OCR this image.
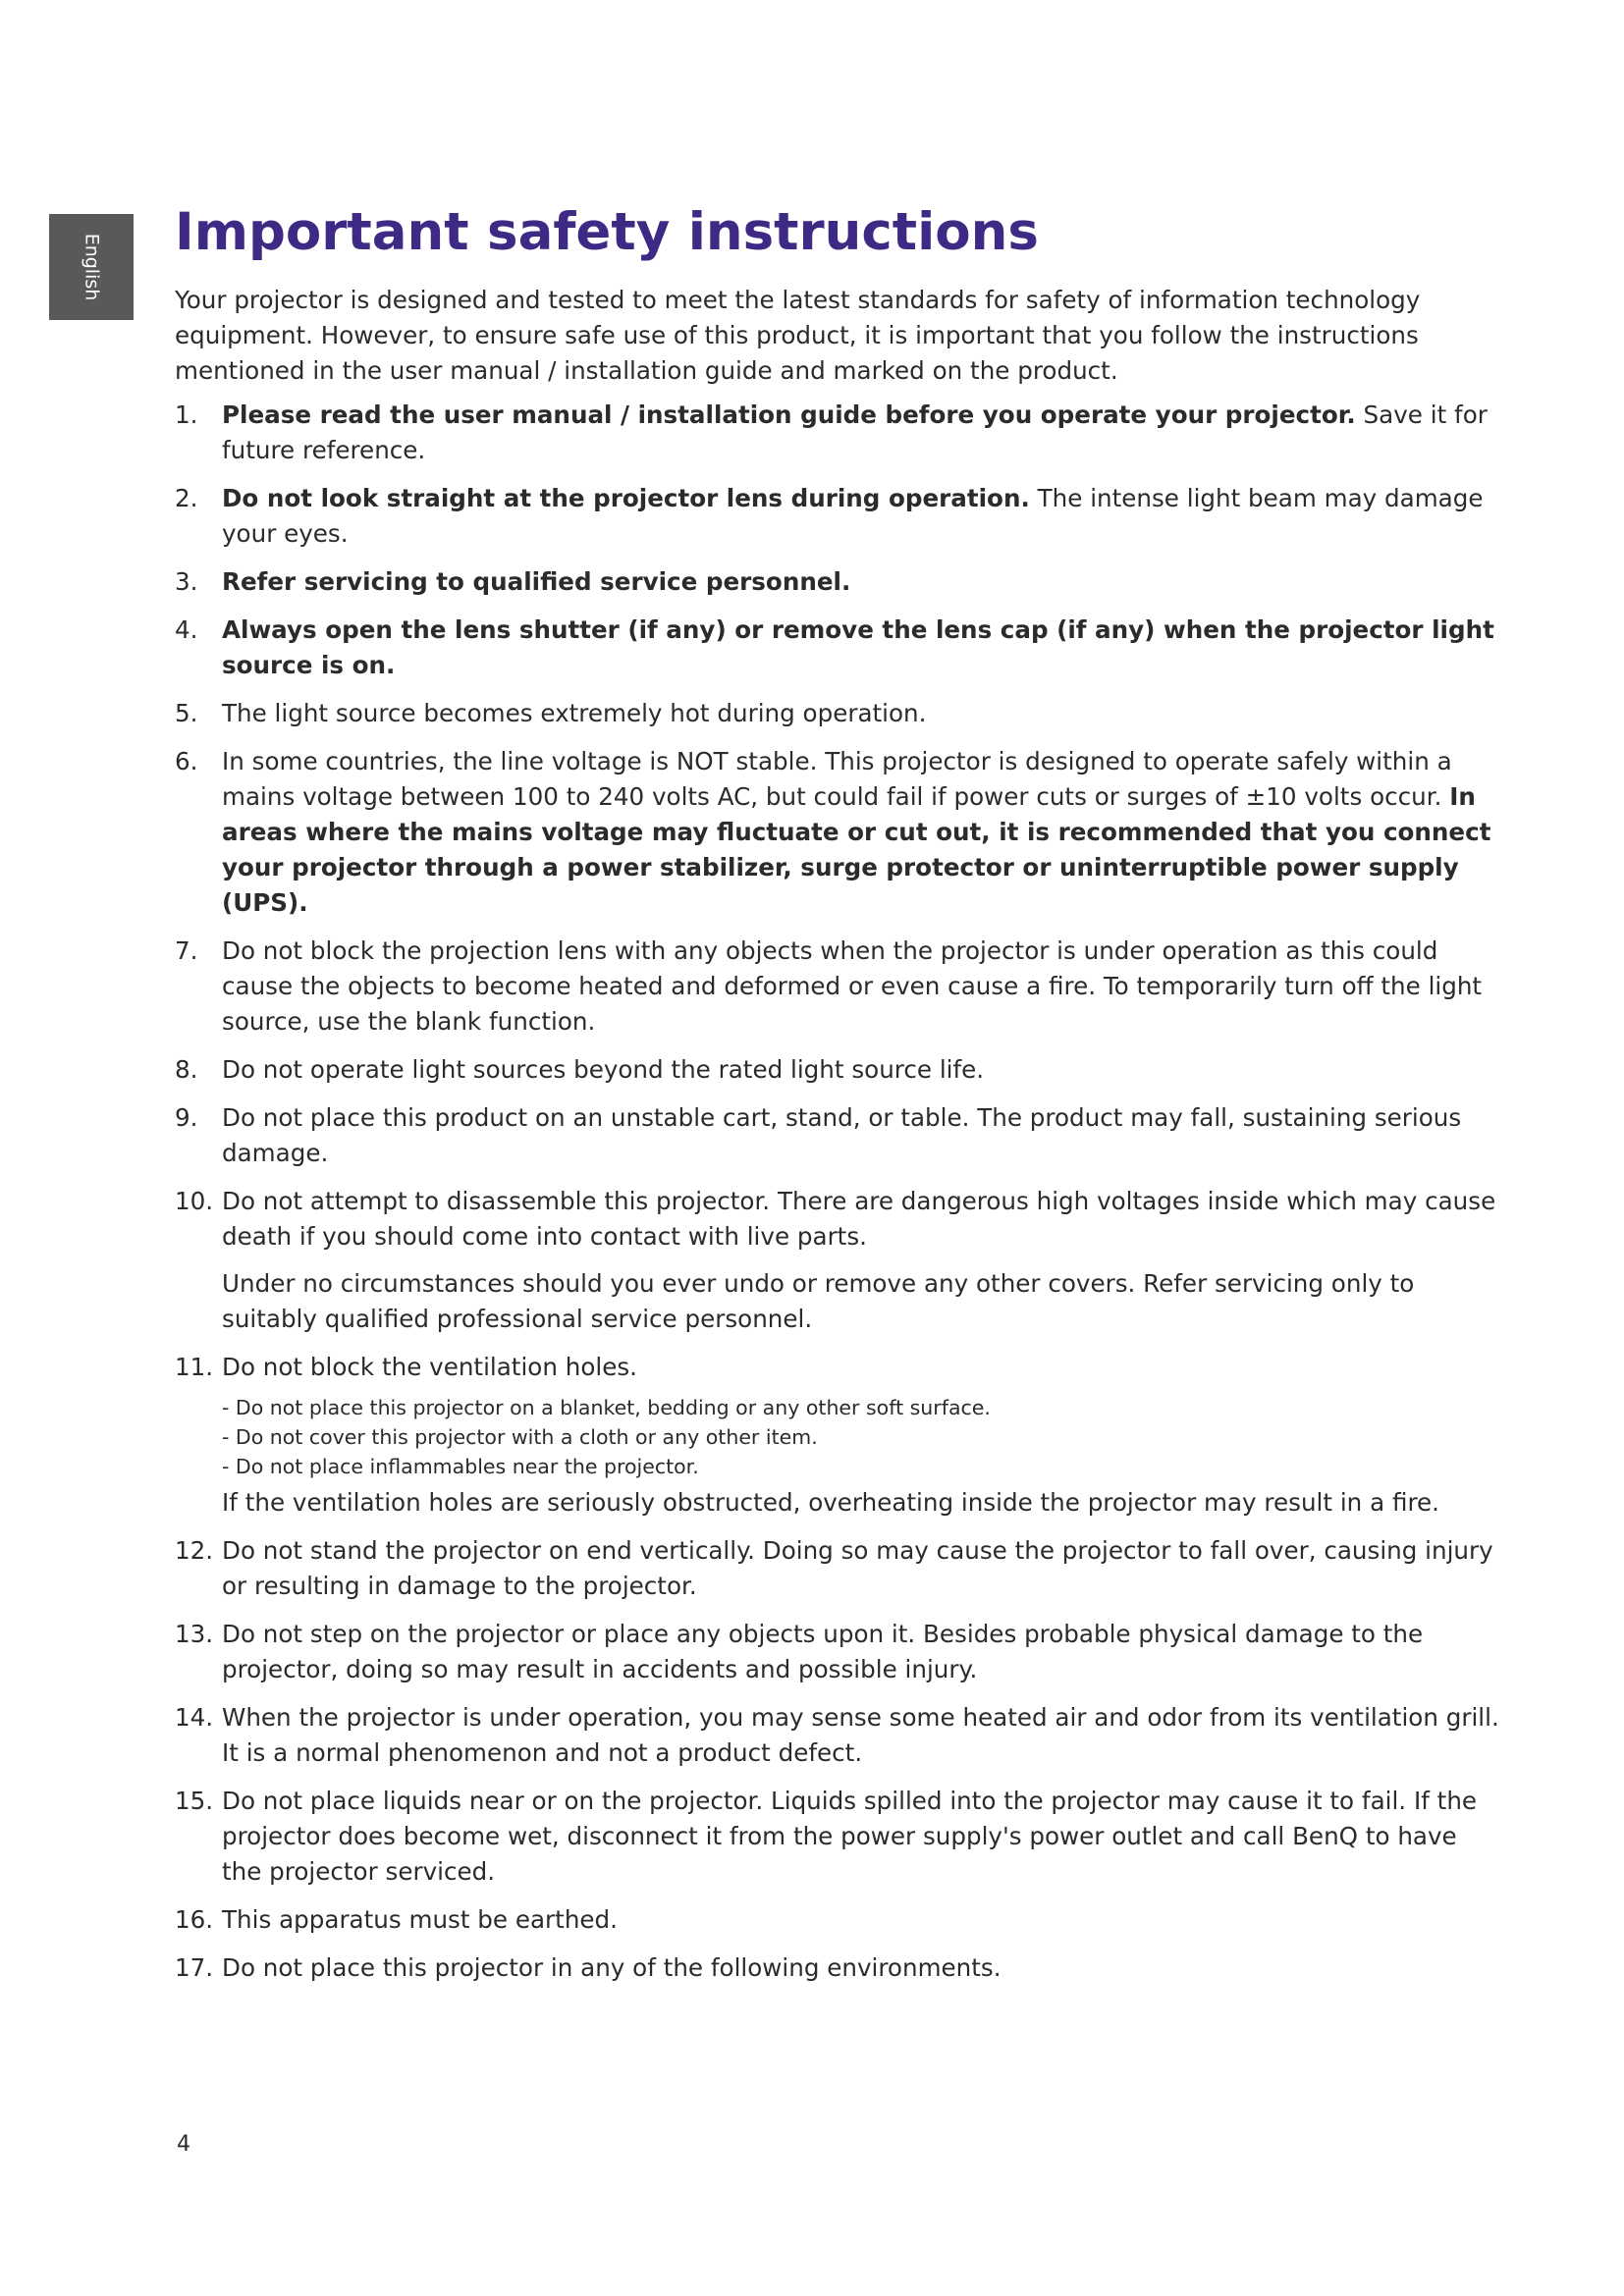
English
Important safety instructions

Your projector is designed and tested to meet the latest standards for safety of information technology equipment. However, to ensure safe use of this product, it is important that you follow the instructions mentioned in the user manual / installation guide and marked on the product.

1. Please read the user manual / installation guide before you operate your projector. Save it for future reference.
2. Do not look straight at the projector lens during operation. The intense light beam may damage your eyes.
3. Refer servicing to qualified service personnel.
4. Always open the lens shutter (if any) or remove the lens cap (if any) when the projector light source is on.
5. The light source becomes extremely hot during operation.
6. In some countries, the line voltage is NOT stable. This projector is designed to operate safely within a mains voltage between 100 to 240 volts AC, but could fail if power cuts or surges of ±10 volts occur. In areas where the mains voltage may fluctuate or cut out, it is recommended that you connect your projector through a power stabilizer, surge protector or uninterruptible power supply (UPS).
7. Do not block the projection lens with any objects when the projector is under operation as this could cause the objects to become heated and deformed or even cause a fire. To temporarily turn off the light source, use the blank function.
8. Do not operate light sources beyond the rated light source life.
9. Do not place this product on an unstable cart, stand, or table. The product may fall, sustaining serious damage.
10. Do not attempt to disassemble this projector. There are dangerous high voltages inside which may cause death if you should come into contact with live parts.

Under no circumstances should you ever undo or remove any other covers. Refer servicing only to suitably qualified professional service personnel.

11. Do not block the ventilation holes.
- Do not place this projector on a blanket, bedding or any other soft surface.
- Do not cover this projector with a cloth or any other item.
- Do not place inflammables near the projector.
If the ventilation holes are seriously obstructed, overheating inside the projector may result in a fire.
12. Do not stand the projector on end vertically. Doing so may cause the projector to fall over, causing injury or resulting in damage to the projector.
13. Do not step on the projector or place any objects upon it. Besides probable physical damage to the projector, doing so may result in accidents and possible injury.
14. When the projector is under operation, you may sense some heated air and odor from its ventilation grill. It is a normal phenomenon and not a product defect.
15. Do not place liquids near or on the projector. Liquids spilled into the projector may cause it to fail. If the projector does become wet, disconnect it from the power supply's power outlet and call BenQ to have the projector serviced.
16. This apparatus must be earthed.
17. Do not place this projector in any of the following environments.
4
